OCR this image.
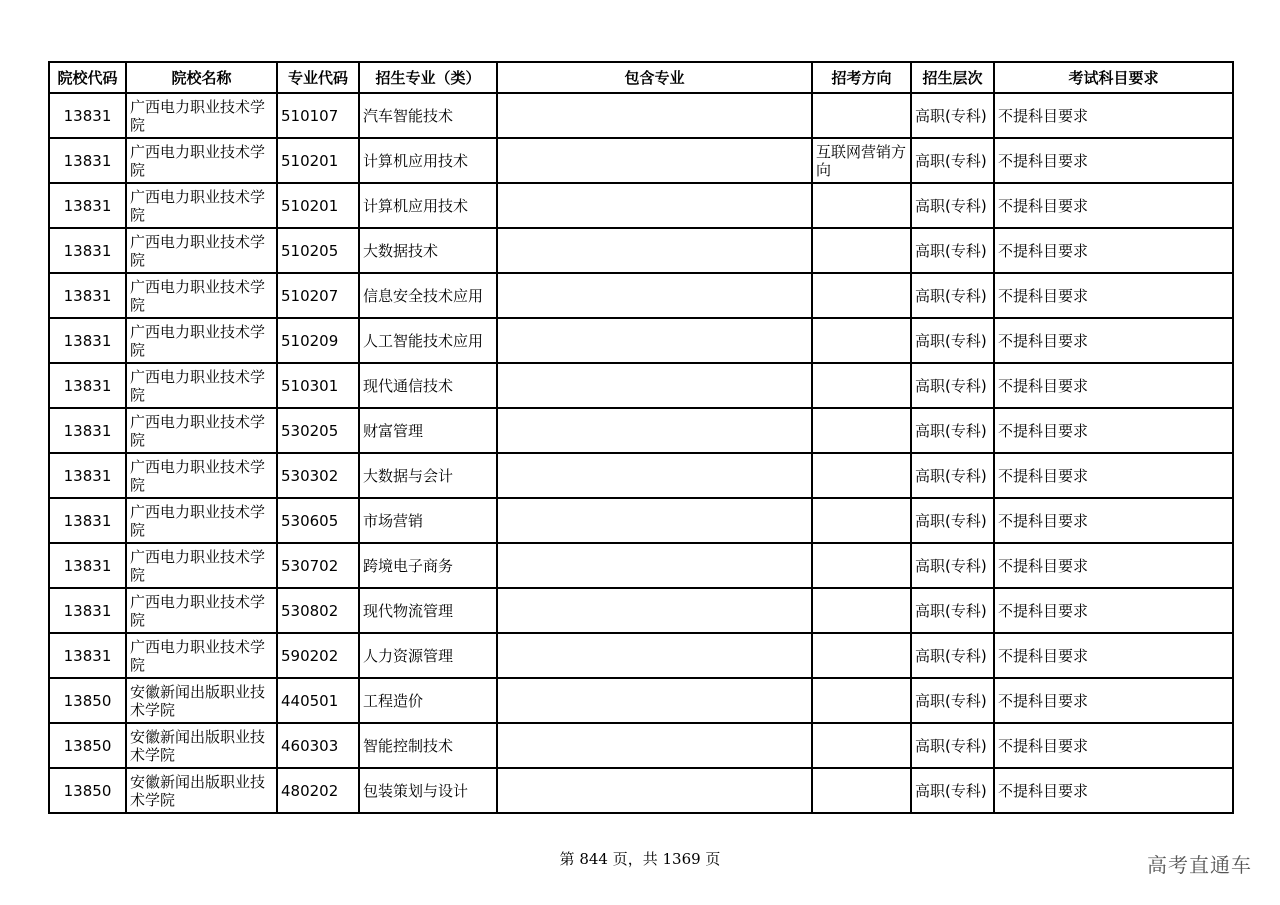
院校代码	院校名称	专业代码	招生专业（类）	包含专业	招考方向	招生层次	考试科目要求
13831	广西电力职业技术学院	510107	汽车智能技术			高职(专科)	不提科目要求
13831	广西电力职业技术学院	510201	计算机应用技术		互联网营销方向	高职(专科)	不提科目要求
13831	广西电力职业技术学院	510201	计算机应用技术			高职(专科)	不提科目要求
13831	广西电力职业技术学院	510205	大数据技术			高职(专科)	不提科目要求
13831	广西电力职业技术学院	510207	信息安全技术应用			高职(专科)	不提科目要求
13831	广西电力职业技术学院	510209	人工智能技术应用			高职(专科)	不提科目要求
13831	广西电力职业技术学院	510301	现代通信技术			高职(专科)	不提科目要求
13831	广西电力职业技术学院	530205	财富管理			高职(专科)	不提科目要求
13831	广西电力职业技术学院	530302	大数据与会计			高职(专科)	不提科目要求
13831	广西电力职业技术学院	530605	市场营销			高职(专科)	不提科目要求
13831	广西电力职业技术学院	530702	跨境电子商务			高职(专科)	不提科目要求
13831	广西电力职业技术学院	530802	现代物流管理			高职(专科)	不提科目要求
13831	广西电力职业技术学院	590202	人力资源管理			高职(专科)	不提科目要求
13850	安徽新闻出版职业技术学院	440501	工程造价			高职(专科)	不提科目要求
13850	安徽新闻出版职业技术学院	460303	智能控制技术			高职(专科)	不提科目要求
13850	安徽新闻出版职业技术学院	480202	包装策划与设计			高职(专科)	不提科目要求
第 844 页，共 1369 页	高考直通车
